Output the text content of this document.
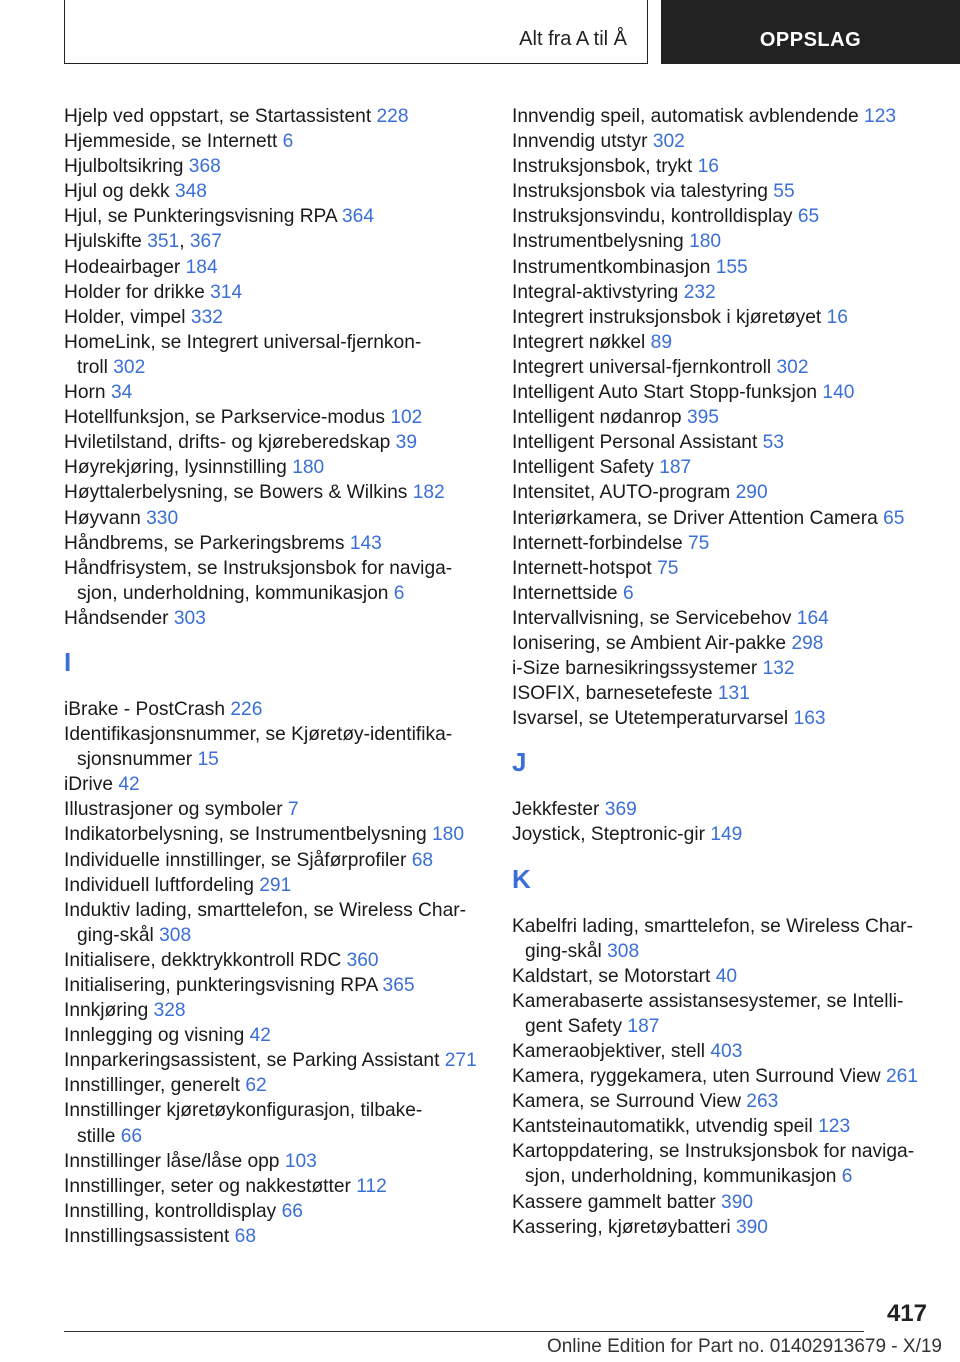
Alt fra A til Å	OPPSLAG
Hjelp ved oppstart, se Startassistent 228
Hjemmeside, se Internett 6
Hjulboltsikring 368
Hjul og dekk 348
Hjul, se Punkteringsvisning RPA 364
Hjulskifte 351, 367
Hodeairbager 184
Holder for drikke 314
Holder, vimpel 332
HomeLink, se Integrert universal-fjernkon-
troll 302
Horn 34
Hotellfunksjon, se Parkservice-modus 102
Hviletilstand, drifts- og kjøreberedskap 39
Høyrekjøring, lysinnstilling 180
Høyttalerbelysning, se Bowers & Wilkins 182
Høyvann 330
Håndbrems, se Parkeringsbrems 143
Håndfrisystem, se Instruksjonsbok for naviga-
sjon, underholdning, kommunikasjon 6
Håndsender 303
I
iBrake - PostCrash 226
Identifikasjonsnummer, se Kjøretøy-identifika-
sjonsnummer 15
iDrive 42
Illustrasjoner og symboler 7
Indikatorbelysning, se Instrumentbelysning 180
Individuelle innstillinger, se Sjåførprofiler 68
Individuell luftfordeling 291
Induktiv lading, smarttelefon, se Wireless Char-
ging-skål 308
Initialisere, dekktrykkontroll RDC 360
Initialisering, punkteringsvisning RPA 365
Innkjøring 328
Innlegging og visning 42
Innparkeringsassistent, se Parking Assistant 271
Innstillinger, generelt 62
Innstillinger kjøretøykonfigurasjon, tilbake-
stille 66
Innstillinger låse/låse opp 103
Innstillinger, seter og nakkestøtter 112
Innstilling, kontrolldisplay 66
Innstillingsassistent 68
Innvendig speil, automatisk avblendende 123
Innvendig utstyr 302
Instruksjonsbok, trykt 16
Instruksjonsbok via talestyring 55
Instruksjonsvindu, kontrolldisplay 65
Instrumentbelysning 180
Instrumentkombinasjon 155
Integral-aktivstyring 232
Integrert instruksjonsbok i kjøretøyet 16
Integrert nøkkel 89
Integrert universal-fjernkontroll 302
Intelligent Auto Start Stopp-funksjon 140
Intelligent nødanrop 395
Intelligent Personal Assistant 53
Intelligent Safety 187
Intensitet, AUTO-program 290
Interiørkamera, se Driver Attention Camera 65
Internett-forbindelse 75
Internett-hotspot 75
Internettside 6
Intervallvisning, se Servicebehov 164
Ionisering, se Ambient Air-pakke 298
i-Size barnesikringssystemer 132
ISOFIX, barnesetefeste 131
Isvarsel, se Utetemperaturvarsel 163
J
Jekkfester 369
Joystick, Steptronic-gir 149
K
Kabelfri lading, smarttelefon, se Wireless Char-
ging-skål 308
Kaldstart, se Motorstart 40
Kamerabaserte assistansesystemer, se Intelli-
gent Safety 187
Kameraobjektiver, stell 403
Kamera, ryggekamera, uten Surround View 261
Kamera, se Surround View 263
Kantsteinautomatikk, utvendig speil 123
Kartoppdatering, se Instruksjonsbok for naviga-
sjon, underholdning, kommunikasjon 6
Kassere gammelt batter 390
Kassering, kjøretøybatteri 390
417
Online Edition for Part no. 01402913679 - X/19
